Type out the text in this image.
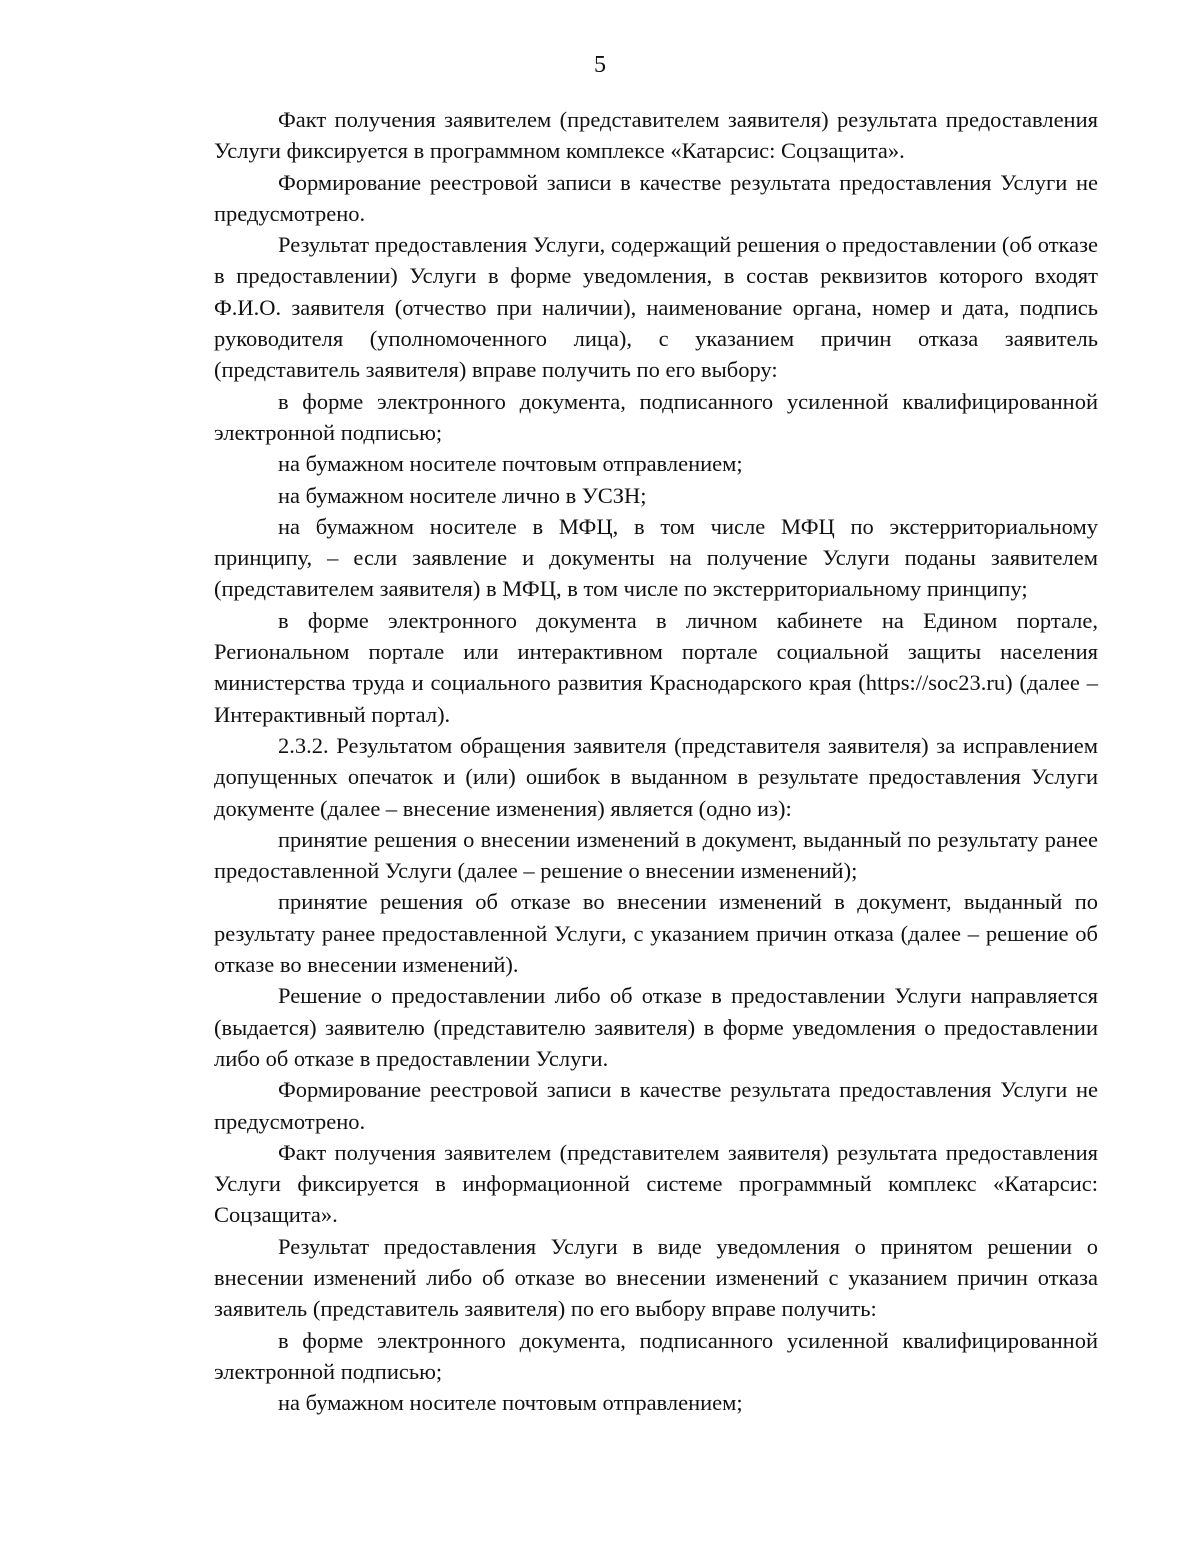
5

Факт получения заявителем (представителем заявителя) результата предоставления Услуги фиксируется в программном комплексе «Катарсис: Соцзащита».

Формирование реестровой записи в качестве результата предоставления Услуги не предусмотрено.

Результат предоставления Услуги, содержащий решения о предоставлении (об отказе в предоставлении) Услуги в форме уведомления, в состав реквизитов которого входят Ф.И.О. заявителя (отчество при наличии), наименование органа, номер и дата, подпись руководителя (уполномоченного лица), с указанием причин отказа заявитель (представитель заявителя) вправе получить по его выбору:

в форме электронного документа, подписанного усиленной квалифицированной электронной подписью;

на бумажном носителе почтовым отправлением;

на бумажном носителе лично в УСЗН;

на бумажном носителе в МФЦ, в том числе МФЦ по экстерриториальному принципу, – если заявление и документы на получение Услуги поданы заявителем (представителем заявителя) в МФЦ, в том числе по экстерриториальному принципу;

в форме электронного документа в личном кабинете на Едином портале, Региональном портале или интерактивном портале социальной защиты населения министерства труда и социального развития Краснодарского края (https://soc23.ru) (далее – Интерактивный портал).

2.3.2. Результатом обращения заявителя (представителя заявителя) за исправлением допущенных опечаток и (или) ошибок в выданном в результате предоставления Услуги документе (далее – внесение изменения) является (одно из):

принятие решения о внесении изменений в документ, выданный по результату ранее предоставленной Услуги (далее – решение о внесении изменений);

принятие решения об отказе во внесении изменений в документ, выданный по результату ранее предоставленной Услуги, с указанием причин отказа (далее – решение об отказе во внесении изменений).

Решение о предоставлении либо об отказе в предоставлении Услуги направляется (выдается) заявителю (представителю заявителя) в форме уведомления о предоставлении либо об отказе в предоставлении Услуги.

Формирование реестровой записи в качестве результата предоставления Услуги не предусмотрено.

Факт получения заявителем (представителем заявителя) результата предоставления Услуги фиксируется в информационной системе программный комплекс «Катарсис: Соцзащита».

Результат предоставления Услуги в виде уведомления о принятом решении о внесении изменений либо об отказе во внесении изменений с указанием причин отказа заявитель (представитель заявителя) по его выбору вправе получить:

в форме электронного документа, подписанного усиленной квалифицированной электронной подписью;

на бумажном носителе почтовым отправлением;
